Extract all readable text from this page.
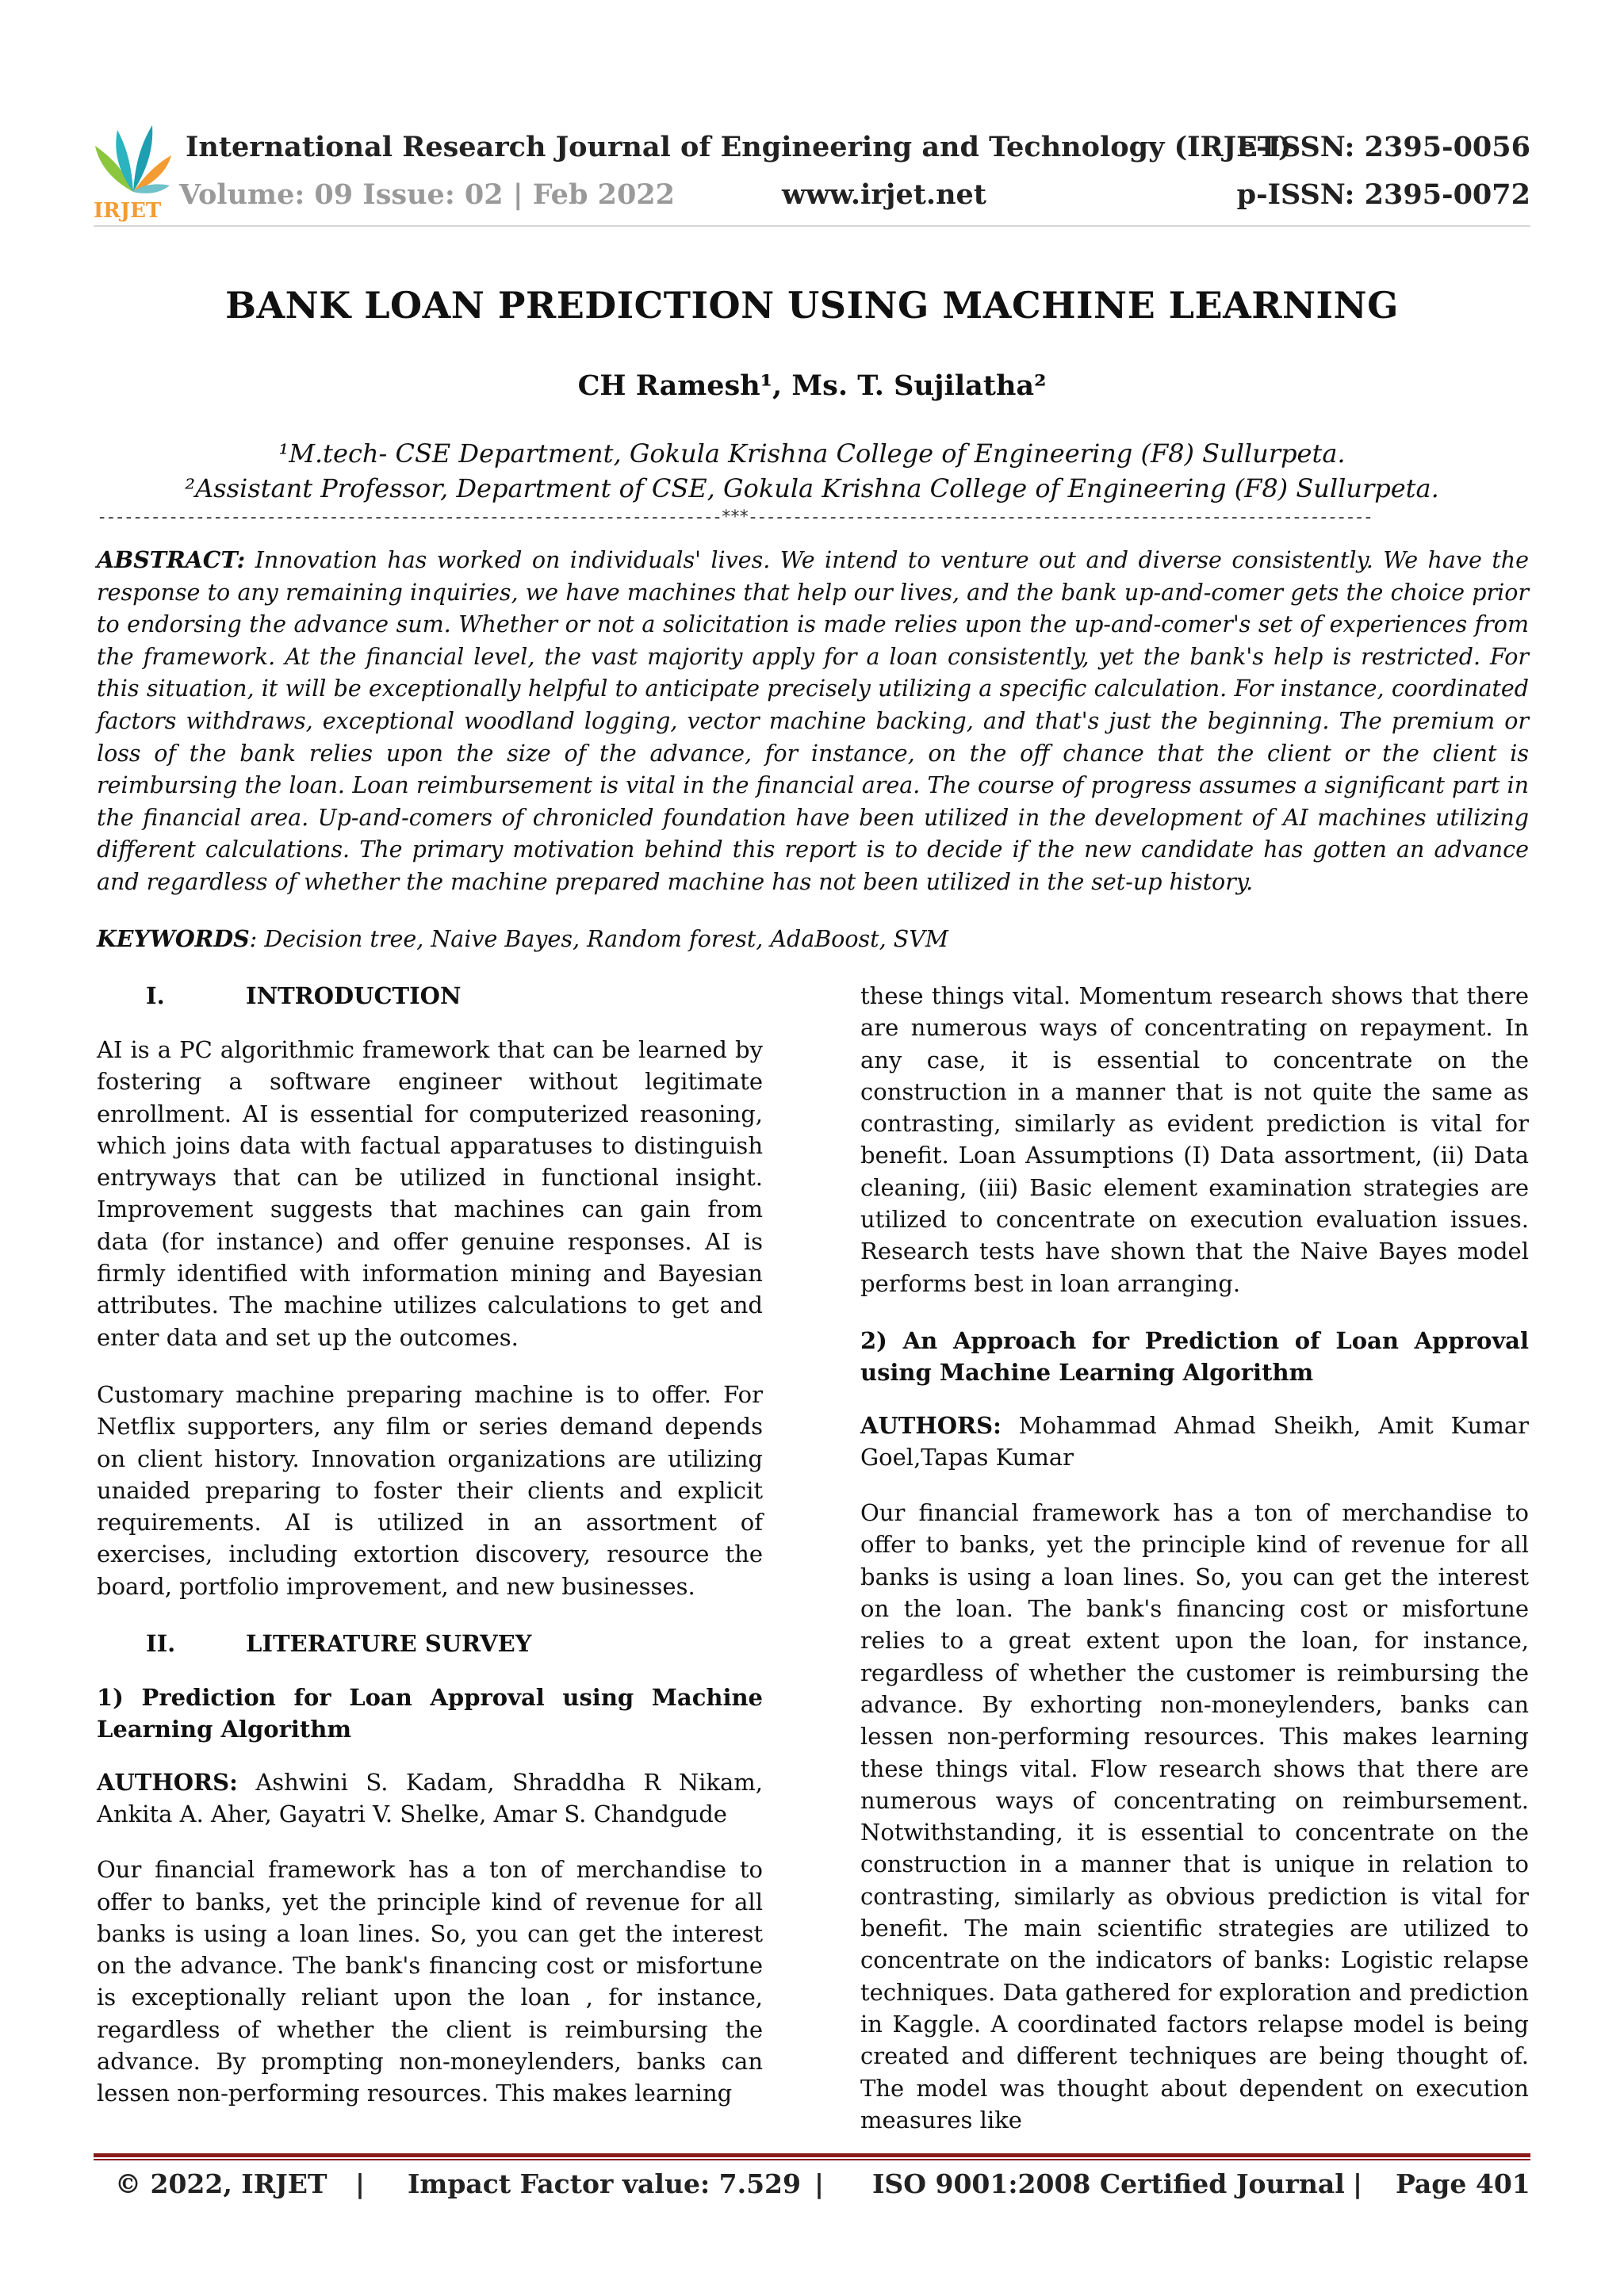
IRJET
International Research Journal of Engineering and Technology (IRJET)
Volume: 09 Issue: 02 | Feb 2022	www.irjet.net
e-ISSN: 2395-0056
p-ISSN: 2395-0072
BANK LOAN PREDICTION USING MACHINE LEARNING
CH Ramesh¹, Ms. T. Sujilatha²
¹M.tech- CSE Department, Gokula Krishna College of Engineering (F8) Sullurpeta.
²Assistant Professor, Department of CSE, Gokula Krishna College of Engineering (F8) Sullurpeta.
----------------------------------------------------------------------***----------------------------------------------------------------------

ABSTRACT: Innovation has worked on individuals' lives. We intend to venture out and diverse consistently. We have the response to any remaining inquiries, we have machines that help our lives, and the bank up-and-comer gets the choice prior to endorsing the advance sum. Whether or not a solicitation is made relies upon the up-and-comer's set of experiences from the framework. At the financial level, the vast majority apply for a loan consistently, yet the bank's help is restricted. For this situation, it will be exceptionally helpful to anticipate precisely utilizing a specific calculation. For instance, coordinated factors withdraws, exceptional woodland logging, vector machine backing, and that's just the beginning. The premium or loss of the bank relies upon the size of the advance, for instance, on the off chance that the client or the client is reimbursing the loan. Loan reimbursement is vital in the financial area. The course of progress assumes a significant part in the financial area. Up-and-comers of chronicled foundation have been utilized in the development of AI machines utilizing different calculations. The primary motivation behind this report is to decide if the new candidate has gotten an advance and regardless of whether the machine prepared machine has not been utilized in the set-up history.

KEYWORDS: Decision tree, Naive Bayes, Random forest, AdaBoost, SVM

I.	INTRODUCTION

AI is a PC algorithmic framework that can be learned by fostering a software engineer without legitimate enrollment. AI is essential for computerized reasoning, which joins data with factual apparatuses to distinguish entryways that can be utilized in functional insight. Improvement suggests that machines can gain from data (for instance) and offer genuine responses. AI is firmly identified with information mining and Bayesian attributes. The machine utilizes calculations to get and enter data and set up the outcomes.

Customary machine preparing machine is to offer. For Netflix supporters, any film or series demand depends on client history. Innovation organizations are utilizing unaided preparing to foster their clients and explicit requirements. AI is utilized in an assortment of exercises, including extortion discovery, resource the board, portfolio improvement, and new businesses.

II.	LITERATURE SURVEY
1) Prediction for Loan Approval using Machine Learning Algorithm
AUTHORS: Ashwini S. Kadam, Shraddha R Nikam, Ankita A. Aher, Gayatri V. Shelke, Amar S. Chandgude

Our financial framework has a ton of merchandise to offer to banks, yet the principle kind of revenue for all banks is using a loan lines. So, you can get the interest on the advance. The bank's financing cost or misfortune is exceptionally reliant upon the loan , for instance, regardless of whether the client is reimbursing the advance. By prompting non-moneylenders, banks can lessen non-performing resources. This makes learning

these things vital. Momentum research shows that there are numerous ways of concentrating on repayment. In any case, it is essential to concentrate on the construction in a manner that is not quite the same as contrasting, similarly as evident prediction is vital for benefit. Loan Assumptions (I) Data assortment, (ii) Data cleaning, (iii) Basic element examination strategies are utilized to concentrate on execution evaluation issues. Research tests have shown that the Naive Bayes model performs best in loan arranging.

2) An Approach for Prediction of Loan Approval using Machine Learning Algorithm
AUTHORS: Mohammad Ahmad Sheikh, Amit Kumar Goel,Tapas Kumar

Our financial framework has a ton of merchandise to offer to banks, yet the principle kind of revenue for all banks is using a loan lines. So, you can get the interest on the loan. The bank's financing cost or misfortune relies to a great extent upon the loan, for instance, regardless of whether the customer is reimbursing the advance. By exhorting non-moneylenders, banks can lessen non-performing resources. This makes learning these things vital. Flow research shows that there are numerous ways of concentrating on reimbursement. Notwithstanding, it is essential to concentrate on the construction in a manner that is unique in relation to contrasting, similarly as obvious prediction is vital for benefit. The main scientific strategies are utilized to concentrate on the indicators of banks: Logistic relapse techniques. Data gathered for exploration and prediction in Kaggle. A coordinated factors relapse model is being created and different techniques are being thought of. The model was thought about dependent on execution measures like

© 2022, IRJET | Impact Factor value: 7.529 | ISO 9001:2008 Certified Journal | Page 401
